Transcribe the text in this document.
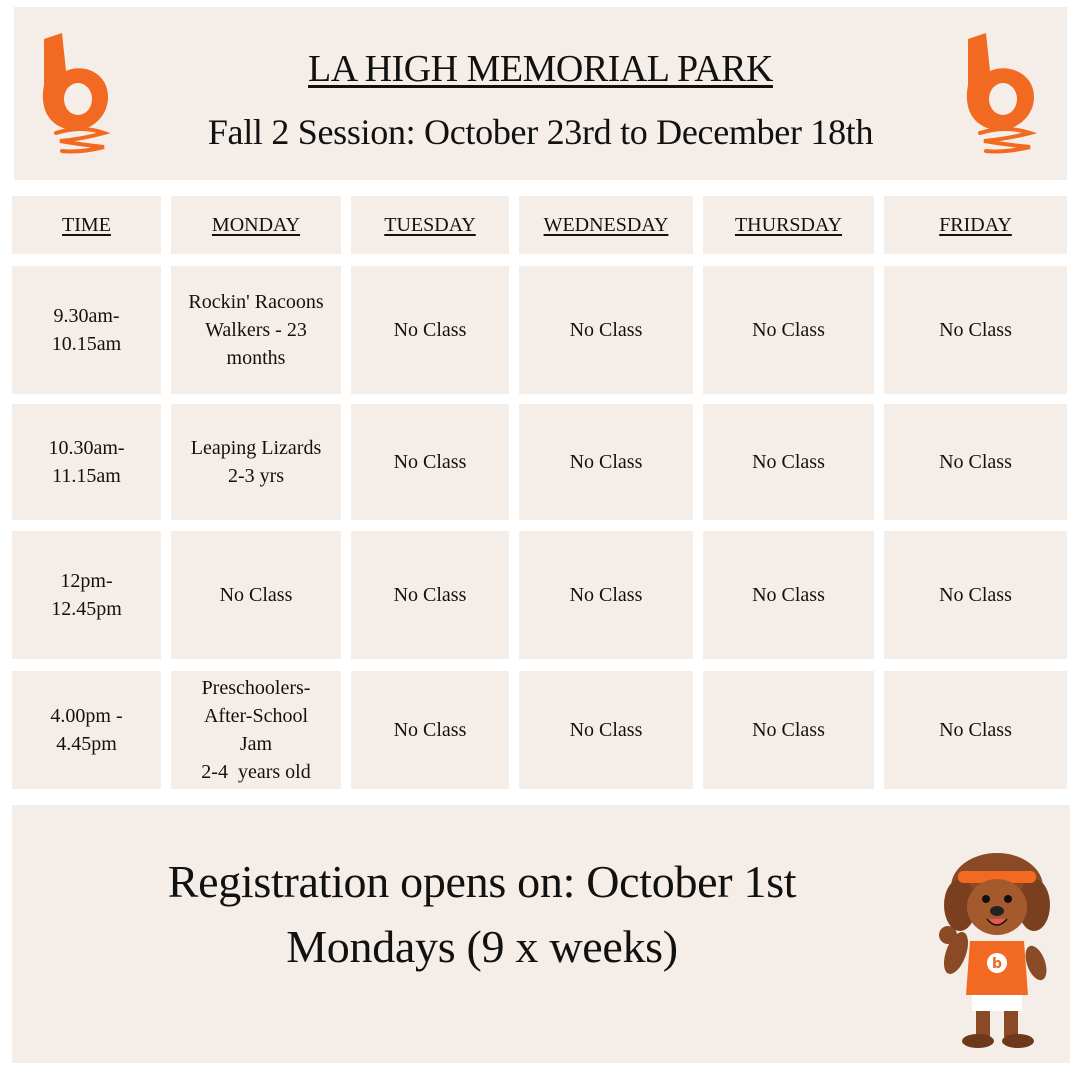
LA HIGH MEMORIAL PARK
Fall 2 Session: October 23rd to December 18th
TIME	MONDAY	TUESDAY	WEDNESDAY	THURSDAY	FRIDAY
9.30am-
10.15am
Rockin' Racoons
Walkers - 23
months
No Class	No Class	No Class	No Class
10.30am-
11.15am
Leaping Lizards
2-3 yrs
No Class	No Class	No Class	No Class
12pm-
12.45pm
No Class	No Class	No Class	No Class	No Class
4.00pm -
4.45pm
Preschoolers-
After-School
Jam
2-4  years old
No Class	No Class	No Class	No Class
Registration opens on: October 1st
Mondays (9 x weeks)	b
